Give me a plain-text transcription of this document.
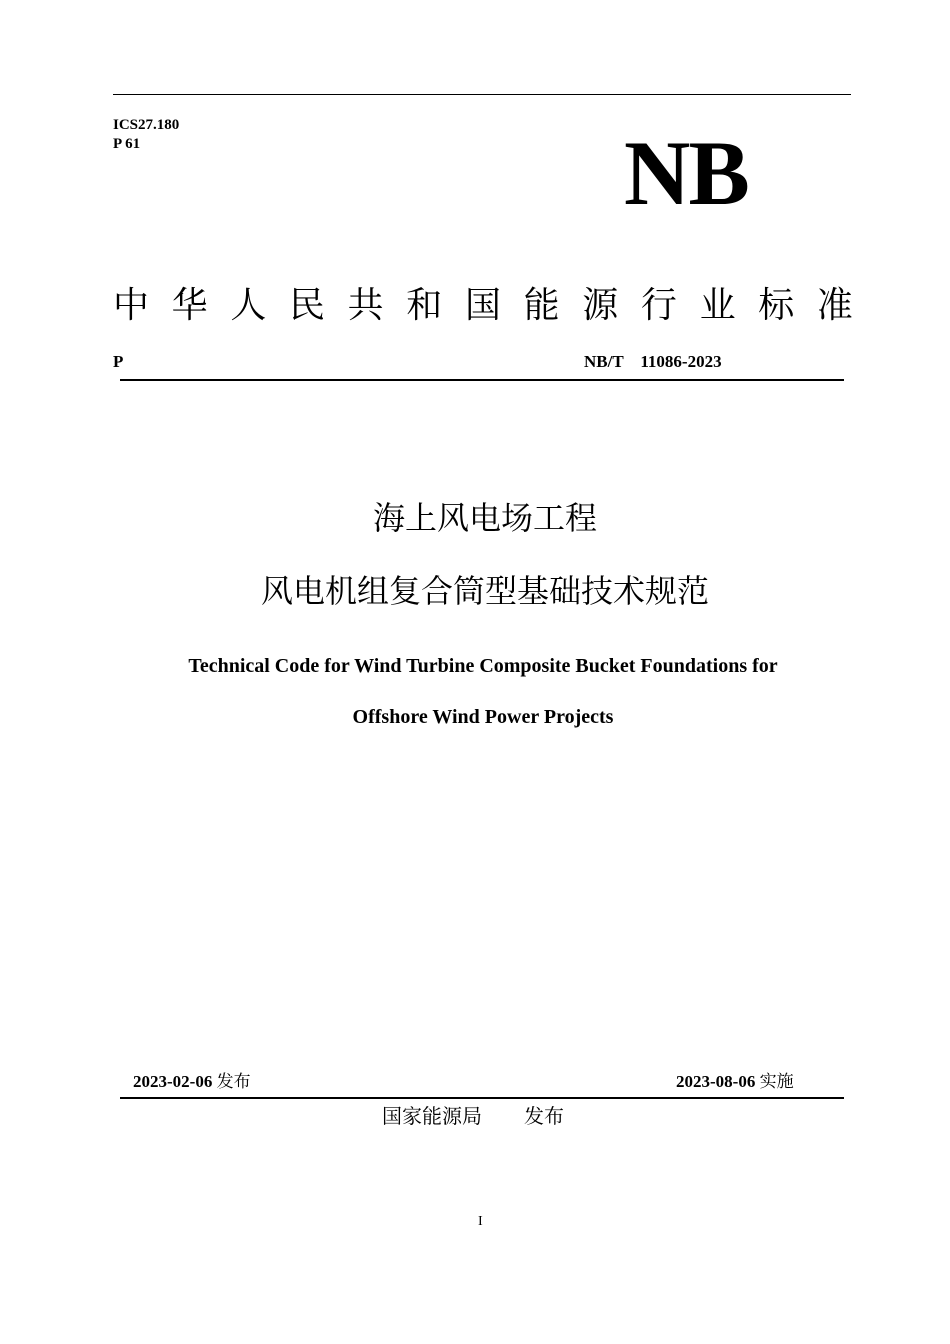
ICS27.180
P 61	NB
中 华 人 民 共 和 国 能 源 行 业 标 准
P	NB/T    11086-2023
海上风电场工程
风电机组复合筒型基础技术规范
Technical Code for Wind Turbine Composite Bucket Foundations for
Offshore Wind Power Projects
2023-02-06 发布	2023-08-06 实施
国家能源局 发布
I
